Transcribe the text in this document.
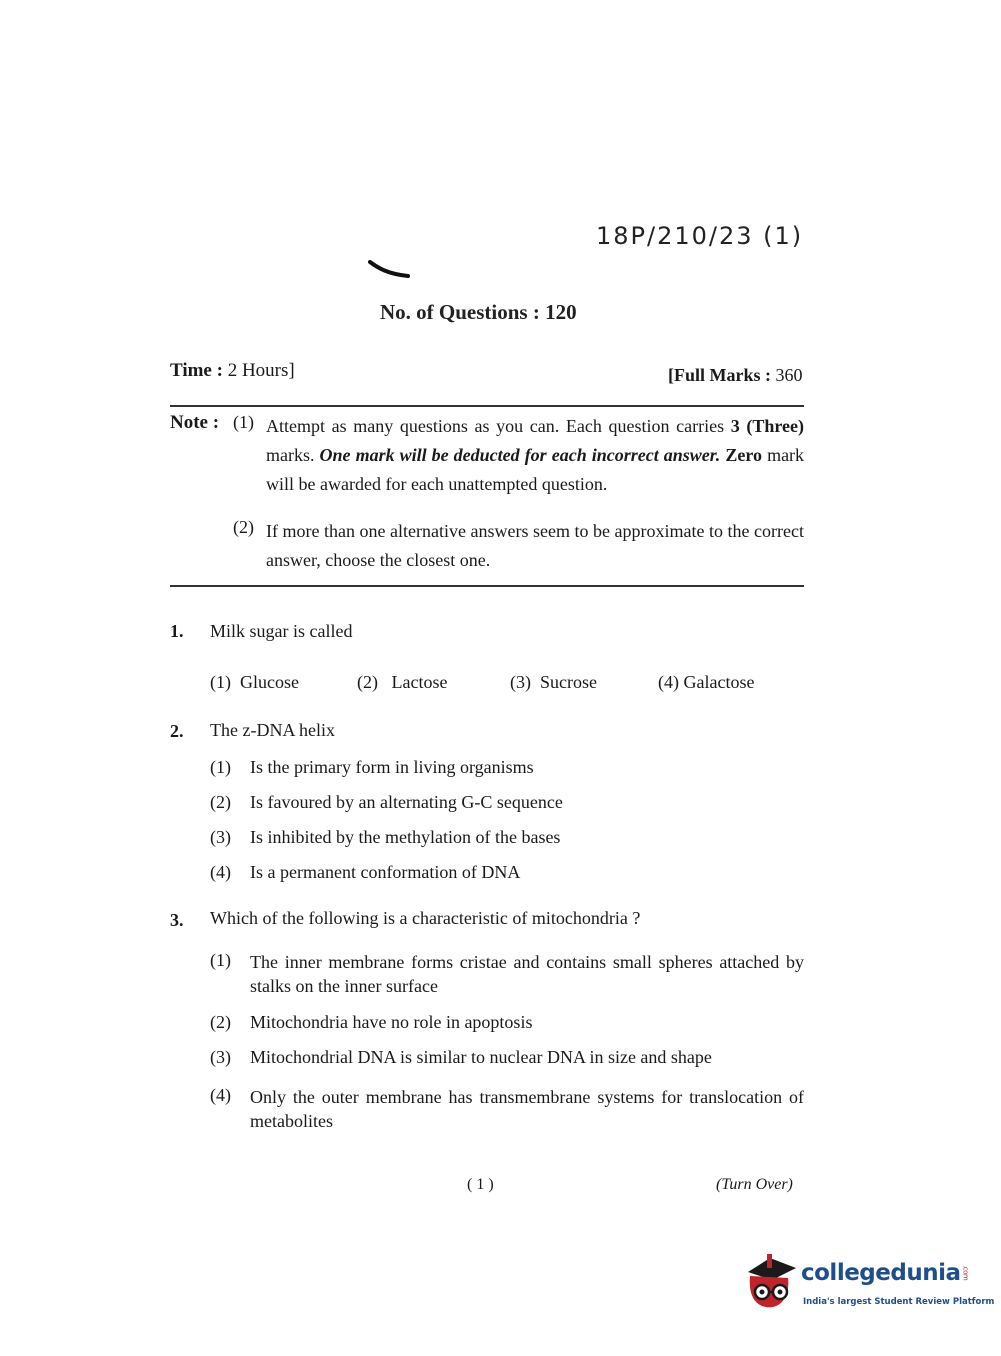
18P/210/23 (1)
No. of Questions : 120
Time : 2 Hours]	[Full Marks : 360
Note : (1) Attempt as many questions as you can. Each question carries 3 (Three) marks. One mark will be deducted for each incorrect answer. Zero mark will be awarded for each unattempted question.
(2) If more than one alternative answers seem to be approximate to the correct answer, choose the closest one.
1. Milk sugar is called
(1) Glucose	(2) Lactose	(3) Sucrose	(4) Galactose
2. The z-DNA helix
(1) Is the primary form in living organisms
(2) Is favoured by an alternating G-C sequence
(3) Is inhibited by the methylation of the bases
(4) Is a permanent conformation of DNA
3. Which of the following is a characteristic of mitochondria ?
(1)	The inner membrane forms cristae and contains small spheres attached by stalks on the inner surface
(2) Mitochondria have no role in apoptosis
(3) Mitochondrial DNA is similar to nuclear DNA in size and shape
(4)	Only the outer membrane has transmembrane systems for translocation of metabolites
( 1 )	(Turn Over)
collegedunia.com
India's largest Student Review Platform
